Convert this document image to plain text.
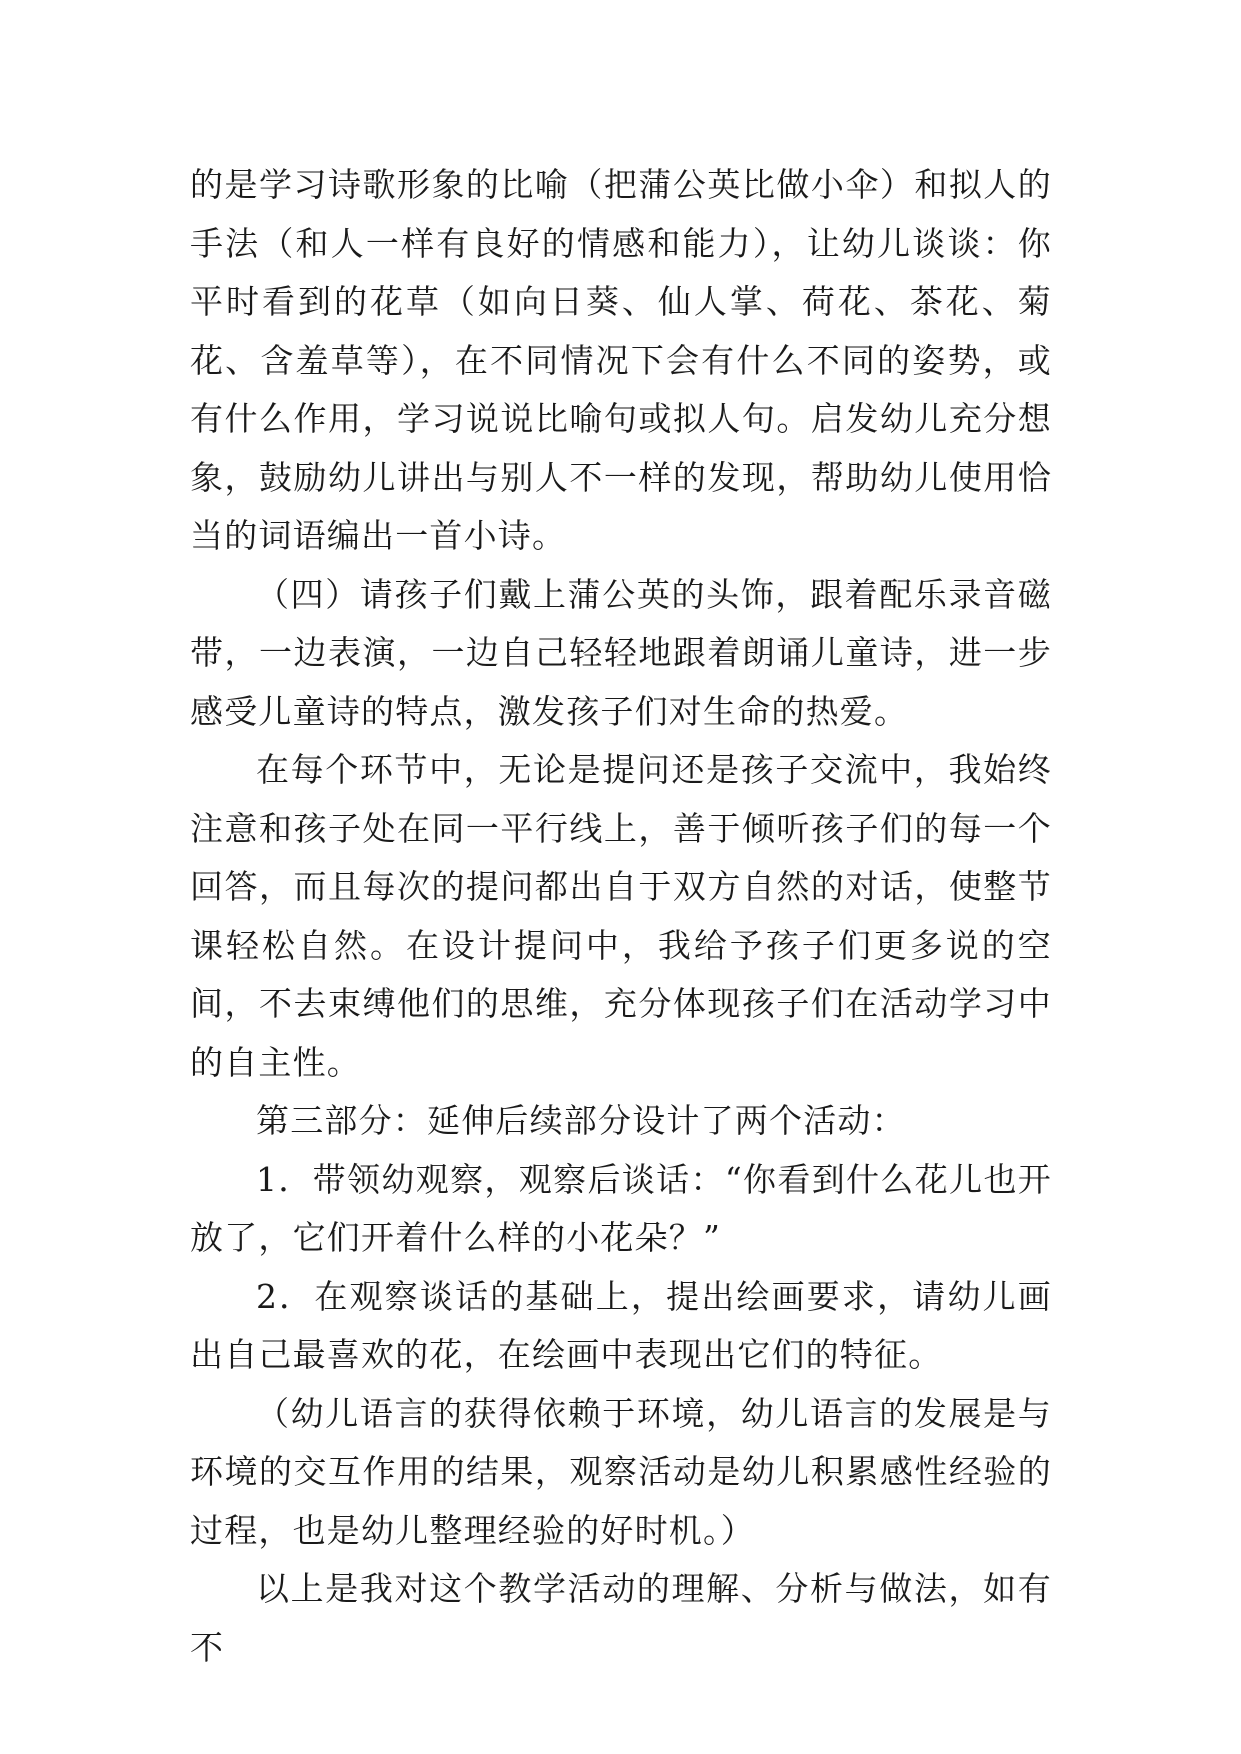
的是学习诗歌形象的比喻（把蒲公英比做小伞）和拟人的手法（和人一样有良好的情感和能力），让幼儿谈谈：你平时看到的花草（如向日葵、仙人掌、荷花、茶花、菊花、含羞草等），在不同情况下会有什么不同的姿势，或有什么作用，学习说说比喻句或拟人句。启发幼儿充分想象，鼓励幼儿讲出与别人不一样的发现，帮助幼儿使用恰当的词语编出一首小诗。

（四）请孩子们戴上蒲公英的头饰，跟着配乐录音磁带，一边表演，一边自己轻轻地跟着朗诵儿童诗，进一步感受儿童诗的特点，激发孩子们对生命的热爱。

在每个环节中，无论是提问还是孩子交流中，我始终注意和孩子处在同一平行线上，善于倾听孩子们的每一个回答，而且每次的提问都出自于双方自然的对话，使整节课轻松自然。在设计提问中，我给予孩子们更多说的空间，不去束缚他们的思维，充分体现孩子们在活动学习中的自主性。

第三部分：延伸后续部分设计了两个活动：

1．带领幼观察，观察后谈话：“你看到什么花儿也开放了，它们开着什么样的小花朵？”

2．在观察谈话的基础上，提出绘画要求，请幼儿画出自己最喜欢的花，在绘画中表现出它们的特征。

（幼儿语言的获得依赖于环境，幼儿语言的发展是与环境的交互作用的结果，观察活动是幼儿积累感性经验的过程，也是幼儿整理经验的好时机。）

以上是我对这个教学活动的理解、分析与做法，如有不
